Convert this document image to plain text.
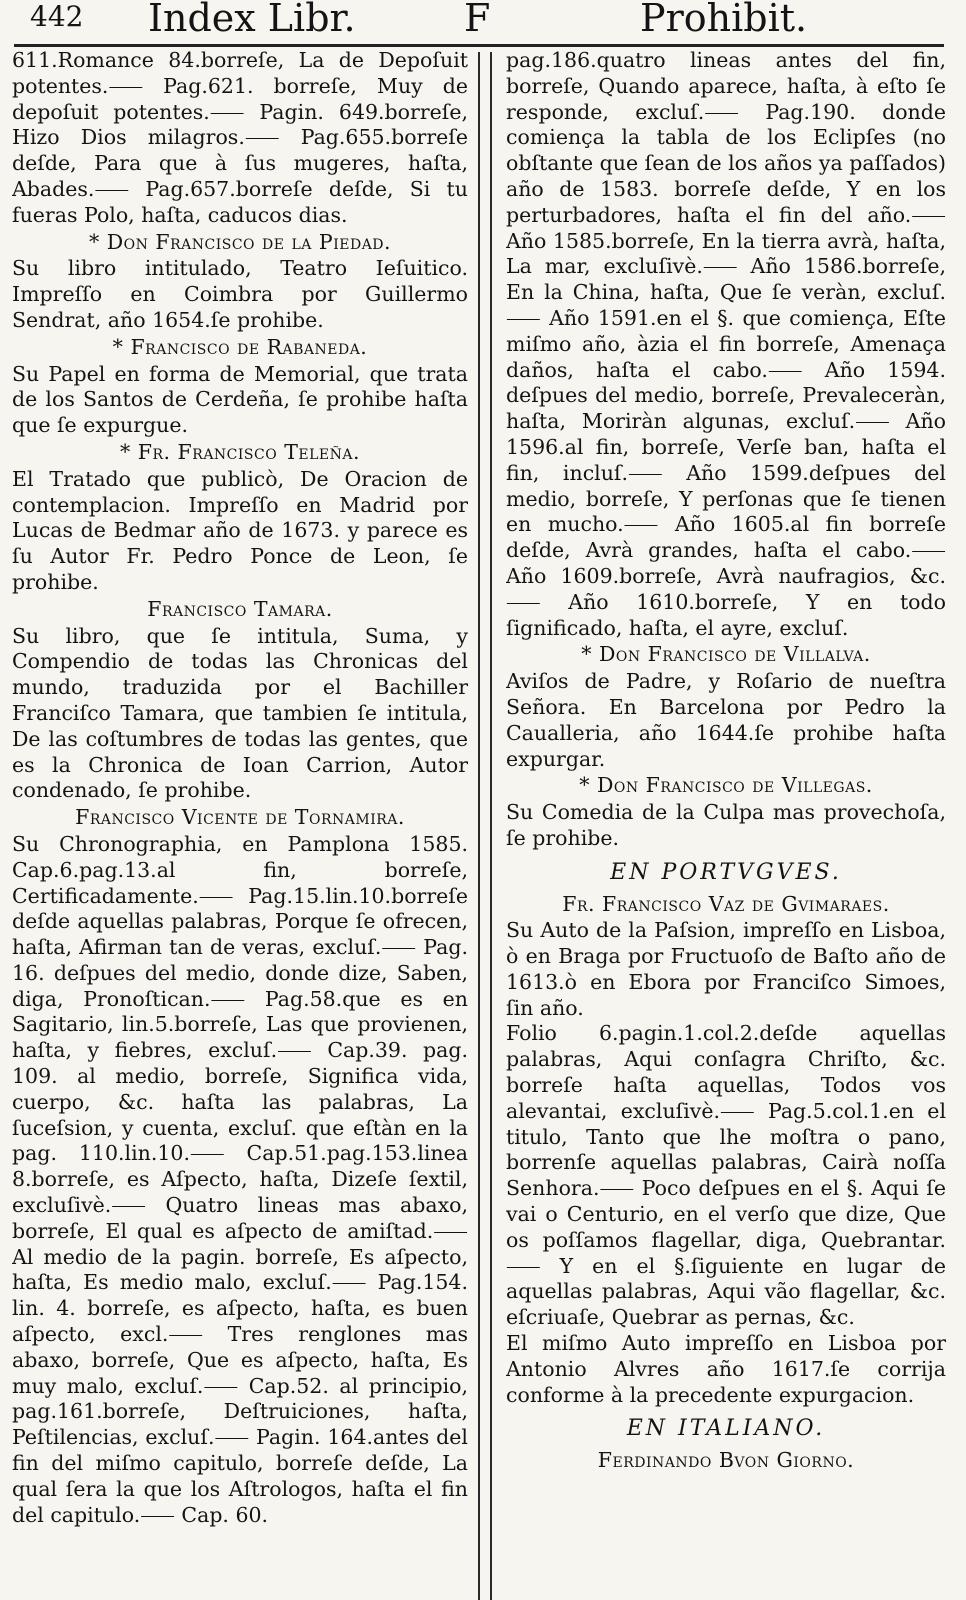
442 Index Libr.	F	Prohibit.

611.Romance 84.borreſe, La de Depoſuit potentes.⸺ Pag.621. borreſe, Muy de depoſuit potentes.⸺ Pagin. 649.borreſe, Hizo Dios milagros.⸺ Pag.655.borreſe deſde, Para que à ſus mugeres, haſta, Abades.⸺ Pag.657.borreſe deſde, Si tu fueras Polo, haſta, caducos dias.

* Don Francisco de la Piedad.

Su libro intitulado, Teatro Ieſuitico. Impreſſo en Coimbra por Guillermo Sendrat, año 1654.ſe prohibe.

* Francisco de Rabaneda.

Su Papel en forma de Memorial, que trata de los Santos de Cerdeña, ſe prohibe haſta que ſe expurgue.

* Fr. Francisco Teleña.

El Tratado que publicò, De Oracion de contemplacion. Impreſſo en Madrid por Lucas de Bedmar año de 1673. y parece es ſu Autor Fr. Pedro Ponce de Leon, ſe prohibe.

Francisco Tamara.

Su libro, que ſe intitula, Suma, y Compendio de todas las Chronicas del mundo, traduzida por el Bachiller Franciſco Tamara, que tambien ſe intitula, De las coſtumbres de todas las gentes, que es la Chronica de Ioan Carrion, Autor condenado, ſe prohibe.

Francisco Vicente de Tornamira.

Su Chronographia, en Pamplona 1585. Cap.6.pag.13.al fin, borreſe, Certificadamente.⸺ Pag.15.lin.10.borreſe deſde aquellas palabras, Porque ſe ofrecen, haſta, Afirman tan de veras, excluſ.⸺ Pag. 16. deſpues del medio, donde dize, Saben, diga, Pronoſtican.⸺ Pag.58.que es en Sagitario, lin.5.borreſe, Las que provienen, haſta, y fiebres, excluſ.⸺ Cap.39. pag. 109. al medio, borreſe, Significa vida, cuerpo, &c. haſta las palabras, La ſuceſsion, y cuenta, excluſ. que eſtàn en la pag. 110.lin.10.⸺ Cap.51.pag.153.linea 8.borreſe, es Aſpecto, haſta, Dizeſe ſextil, excluſivè.⸺ Quatro lineas mas abaxo, borreſe, El qual es aſpecto de amiſtad.⸺ Al medio de la pagin. borreſe, Es aſpecto, haſta, Es medio malo, excluſ.⸺ Pag.154. lin. 4. borreſe, es aſpecto, haſta, es buen aſpecto, excl.⸺ Tres renglones mas abaxo, borreſe, Que es aſpecto, haſta, Es muy malo, excluſ.⸺ Cap.52. al principio, pag.161.borreſe, Deſtruiciones, haſta, Peſtilencias, excluſ.⸺ Pagin. 164.antes del fin del miſmo capitulo, borreſe deſde, La qual ſera la que los Aſtrologos, haſta el fin del capitulo.⸺ Cap. 60.

pag.186.quatro lineas antes del fin, borreſe, Quando aparece, haſta, à eſto ſe responde, excluſ.⸺ Pag.190. donde comiença la tabla de los Eclipſes (no obſtante que ſean de los años ya paſſados) año de 1583. borreſe deſde, Y en los perturbadores, haſta el fin del año.⸺ Año 1585.borreſe, En la tierra avrà, haſta, La mar, excluſivè.⸺ Año 1586.borreſe, En la China, haſta, Que ſe veràn, excluſ.⸺ Año 1591.en el §. que comiença, Eſte miſmo año, àzia el fin borreſe, Amenaça daños, haſta el cabo.⸺ Año 1594. deſpues del medio, borreſe, Prevaleceràn, haſta, Moriràn algunas, excluſ.⸺ Año 1596.al fin, borreſe, Verſe ban, haſta el fin, incluſ.⸺ Año 1599.deſpues del medio, borreſe, Y perſonas que ſe tienen en mucho.⸺ Año 1605.al fin borreſe deſde, Avrà grandes, haſta el cabo.⸺ Año 1609.borreſe, Avrà naufragios, &c.⸺ Año 1610.borreſe, Y en todo ſignificado, haſta, el ayre, excluſ.

* Don Francisco de Villalva.

Aviſos de Padre, y Roſario de nueſtra Señora. En Barcelona por Pedro la Caualleria, año 1644.ſe prohibe haſta expurgar.

* Don Francisco de Villegas.

Su Comedia de la Culpa mas provechoſa, ſe prohibe.

EN PORTVGVES.

Fr. Francisco Vaz de Gvimaraes.

Su Auto de la Paſsion, impreſſo en Lisboa, ò en Braga por Fructuoſo de Baſto año de 1613.ò en Ebora por Franciſco Simoes, ſin año.

Folio 6.pagin.1.col.2.deſde aquellas palabras, Aqui conſagra Chriſto, &c. borreſe haſta aquellas, Todos vos alevantai, excluſivè.⸺ Pag.5.col.1.en el titulo, Tanto que lhe moſtra o pano, borrenſe aquellas palabras, Cairà noſſa Senhora.⸺ Poco deſpues en el §. Aqui ſe vai o Centurio, en el verſo que dize, Que os poſſamos flagellar, diga, Quebrantar.⸺ Y en el §.ſiguiente en lugar de aquellas palabras, Aqui vão flagellar, &c. eſcriuaſe, Quebrar as pernas, &c.

El miſmo Auto impreſſo en Lisboa por Antonio Alvres año 1617.ſe corrija conforme à la precedente expurgacion.

EN ITALIANO.

Ferdinando Bvon Giorno.
